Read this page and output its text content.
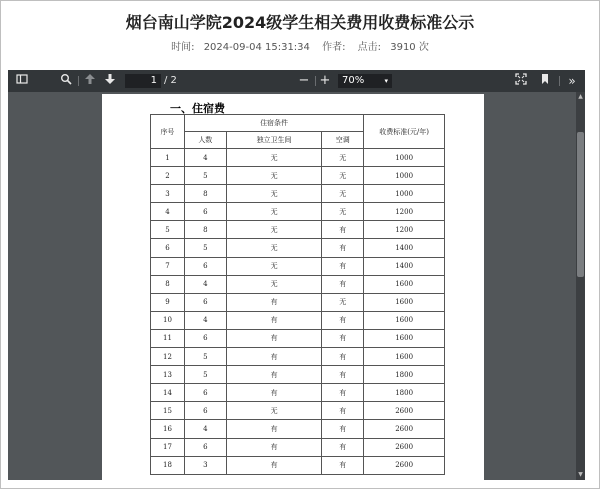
烟台南山学院2024级学生相关费用收费标准公示
时间: 2024-09-04 15:31:34 作者: 点击: 3910 次
1 / 2	− +	70%	▾	»
一、住宿费
序号	住宿条件			收费标准(元/年)
	人数	独立卫生间	空调	
1	4	无	无	1000
2	5	无	无	1000
3	8	无	无	1000
4	6	无	无	1200
5	8	无	有	1200
6	5	无	有	1400
7	6	无	有	1400
8	4	无	有	1600
9	6	有	无	1600
10	4	有	有	1600
11	6	有	有	1600
12	5	有	有	1600
13	5	有	有	1800
14	6	有	有	1800
15	6	无	有	2600
16	4	有	有	2600
17	6	有	有	2600
18	3	有	有	2600
▲
▼
